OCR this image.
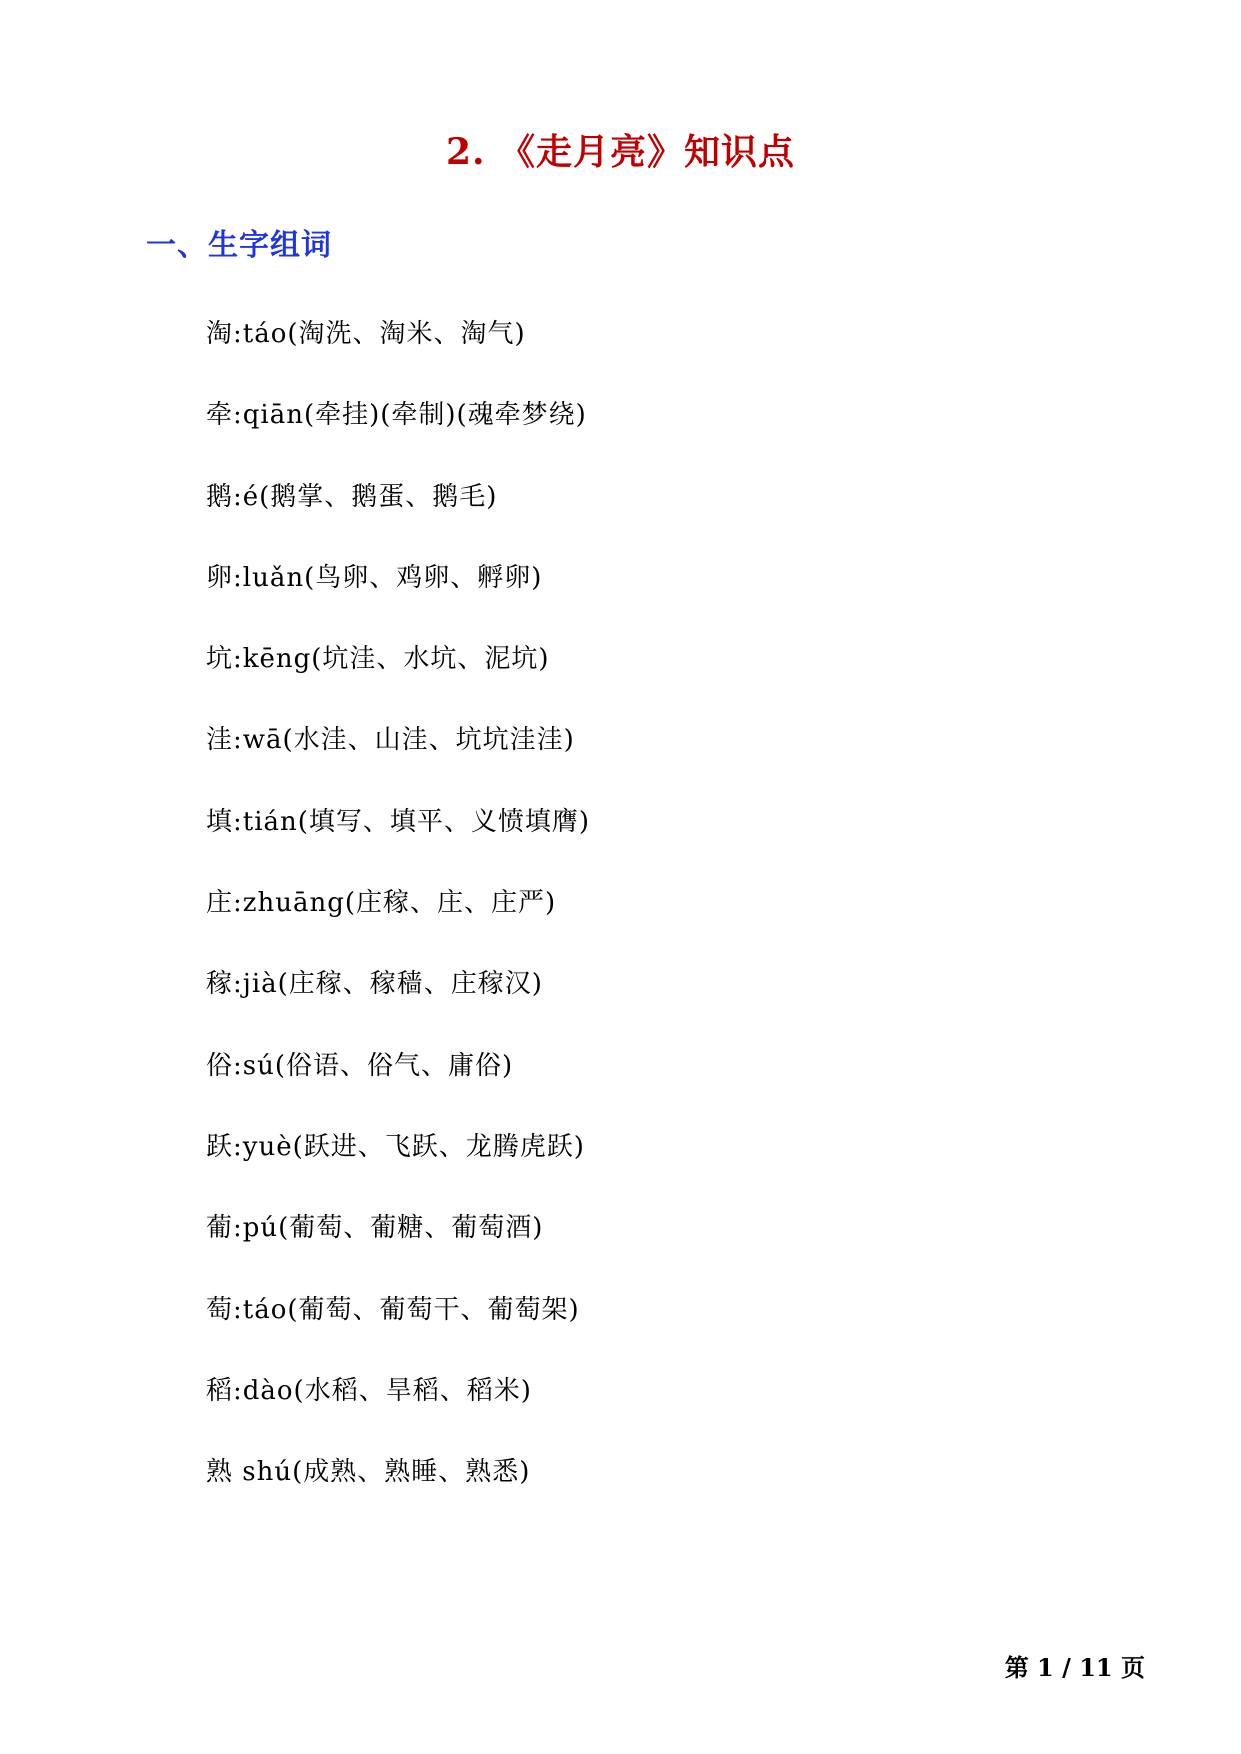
2. 《走月亮》知识点
一、生字组词
淘:táo(淘洗、淘米、淘气)
牵:qiān(牵挂)(牵制)(魂牵梦绕)
鹅:é(鹅掌、鹅蛋、鹅毛)
卵:luǎn(鸟卵、鸡卵、孵卵)
坑:kēng(坑洼、水坑、泥坑)
洼:wā(水洼、山洼、坑坑洼洼)
填:tián(填写、填平、义愤填膺)
庄:zhuāng(庄稼、庄、庄严)
稼:jià(庄稼、稼穑、庄稼汉)
俗:sú(俗语、俗气、庸俗)
跃:yuè(跃进、飞跃、龙腾虎跃)
葡:pú(葡萄、葡糖、葡萄酒)
萄:táo(葡萄、葡萄干、葡萄架)
稻:dào(水稻、旱稻、稻米)
熟 shú(成熟、熟睡、熟悉)
第 1 / 11 页
